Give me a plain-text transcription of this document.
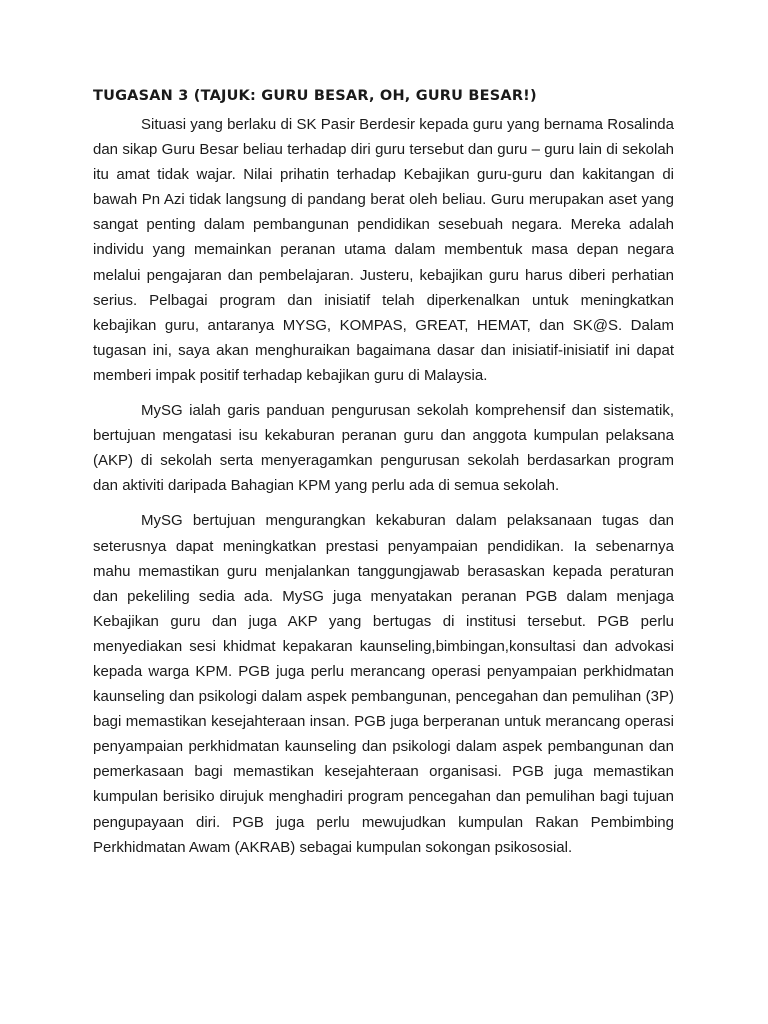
TUGASAN 3 (TAJUK: GURU BESAR, OH, GURU BESAR!)

Situasi yang berlaku di SK Pasir Berdesir kepada guru yang bernama Rosalinda dan sikap Guru Besar beliau terhadap diri guru tersebut dan guru – guru lain di sekolah itu amat tidak wajar. Nilai prihatin terhadap Kebajikan guru-guru dan kakitangan di bawah Pn Azi tidak langsung di pandang berat oleh beliau. Guru merupakan aset yang sangat penting dalam pembangunan pendidikan sesebuah negara. Mereka adalah individu yang memainkan peranan utama dalam membentuk masa depan negara melalui pengajaran dan pembelajaran. Justeru, kebajikan guru harus diberi perhatian serius. Pelbagai program dan inisiatif telah diperkenalkan untuk meningkatkan kebajikan guru, antaranya MYSG, KOMPAS, GREAT, HEMAT, dan SK@S. Dalam tugasan ini, saya akan menghuraikan bagaimana dasar dan inisiatif-inisiatif ini dapat memberi impak positif terhadap kebajikan guru di Malaysia.

MySG ialah garis panduan pengurusan sekolah komprehensif dan sistematik, bertujuan mengatasi isu kekaburan peranan guru dan anggota kumpulan pelaksana (AKP) di sekolah serta menyeragamkan pengurusan sekolah berdasarkan program dan aktiviti daripada Bahagian KPM yang perlu ada di semua sekolah.

MySG bertujuan mengurangkan kekaburan dalam pelaksanaan tugas dan seterusnya dapat meningkatkan prestasi penyampaian pendidikan. Ia sebenarnya mahu memastikan guru menjalankan tanggungjawab berasaskan kepada peraturan dan pekeliling sedia ada. MySG juga menyatakan peranan PGB dalam menjaga Kebajikan guru dan juga AKP yang bertugas di institusi tersebut. PGB perlu menyediakan sesi khidmat kepakaran kaunseling,bimbingan,konsultasi dan advokasi kepada warga KPM. PGB juga perlu merancang operasi penyampaian perkhidmatan kaunseling dan psikologi dalam aspek pembangunan, pencegahan dan pemulihan (3P) bagi memastikan kesejahteraan insan. PGB juga berperanan untuk merancang operasi penyampaian perkhidmatan kaunseling dan psikologi dalam aspek pembangunan dan pemerkasaan bagi memastikan kesejahteraan organisasi. PGB juga memastikan kumpulan berisiko dirujuk menghadiri program pencegahan dan pemulihan bagi tujuan pengupayaan diri. PGB juga perlu mewujudkan kumpulan Rakan Pembimbing Perkhidmatan Awam (AKRAB) sebagai kumpulan sokongan psikososial.
